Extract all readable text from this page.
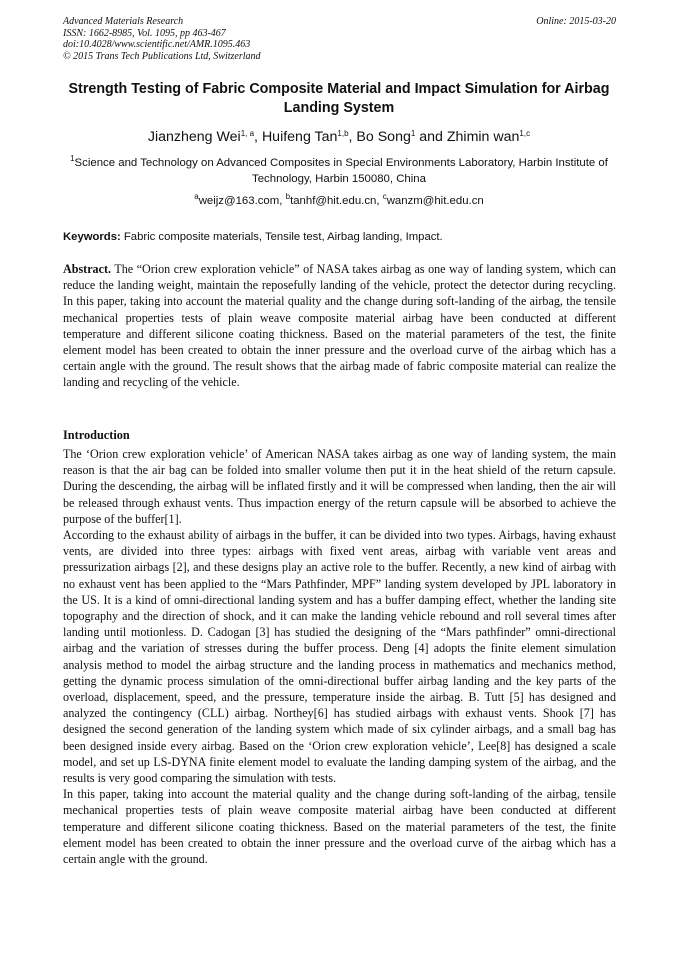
Advanced Materials Research
ISSN: 1662-8985, Vol. 1095, pp 463-467
doi:10.4028/www.scientific.net/AMR.1095.463
© 2015 Trans Tech Publications Ltd, Switzerland
Online: 2015-03-20
Strength Testing of Fabric Composite Material and Impact Simulation for Airbag Landing System
Jianzheng Wei$^{1, a}$, Huifeng Tan$^{1,b}$, Bo Song$^1$ and Zhimin wan$^{1,c}$
$^1$Science and Technology on Advanced Composites in Special Environments Laboratory, Harbin Institute of Technology, Harbin 150080, China
$^a$weijz@163.com, $^b$tanhf@hit.edu.cn, $^c$wanzm@hit.edu.cn
Keywords: Fabric composite materials, Tensile test, Airbag landing, Impact.
Abstract. The “Orion crew exploration vehicle” of NASA takes airbag as one way of landing system, which can reduce the landing weight, maintain the reposefully landing of the vehicle, protect the detector during recycling. In this paper, taking into account the material quality and the change during soft-landing of the airbag, the tensile mechanical properties tests of plain weave composite material airbag have been conducted at different temperature and different silicone coating thickness. Based on the material parameters of the test, the finite element model has been created to obtain the inner pressure and the overload curve of the airbag which has a certain angle with the ground. The result shows that the airbag made of fabric composite material can realize the landing and recycling of the vehicle.
Introduction

The ‘Orion crew exploration vehicle’ of American NASA takes airbag as one way of landing system, the main reason is that the air bag can be folded into smaller volume then put it in the heat shield of the return capsule. During the descending, the airbag will be inflated firstly and it will be compressed when landing, then the air will be released through exhaust vents. Thus impaction energy of the return capsule will be absorbed to achieve the purpose of the buffer[1].

According to the exhaust ability of airbags in the buffer, it can be divided into two types. Airbags, having exhaust vents, are divided into three types: airbags with fixed vent areas, airbag with variable vent areas and pressurization airbags [2], and these designs play an active role to the buffer. Recently, a new kind of airbag with no exhaust vent has been applied to the “Mars Pathfinder, MPF” landing system developed by JPL laboratory in the US. It is a kind of omni-directional landing system and has a buffer damping effect, whether the landing site topography and the direction of shock, and it can make the landing vehicle rebound and roll several times after landing until motionless. D. Cadogan [3] has studied the designing of the “Mars pathfinder” omni-directional airbag and the variation of stresses during the buffer process. Deng [4] adopts the finite element simulation analysis method to model the airbag structure and the landing process in mathematics and mechanics method, getting the dynamic process simulation of the omni-directional buffer airbag landing and the key parts of the overload, displacement, speed, and the pressure, temperature inside the airbag. B. Tutt [5] has designed and analyzed the contingency (CLL) airbag. Northey[6] has studied airbags with exhaust vents. Shook [7] has designed the second generation of the landing system which made of six cylinder airbags, and a small bag has been designed inside every airbag. Based on the ‘Orion crew exploration vehicle’, Lee[8] has designed a scale model, and set up LS-DYNA finite element model to evaluate the landing damping system of the airbag, and the results is very good comparing the simulation with tests.

In this paper, taking into account the material quality and the change during soft-landing of the airbag, tensile mechanical properties tests of plain weave composite material airbag have been conducted at different temperature and different silicone coating thickness. Based on the material parameters of the test, the finite element model has been created to obtain the inner pressure and the overload curve of the airbag which has a certain angle with the ground.
